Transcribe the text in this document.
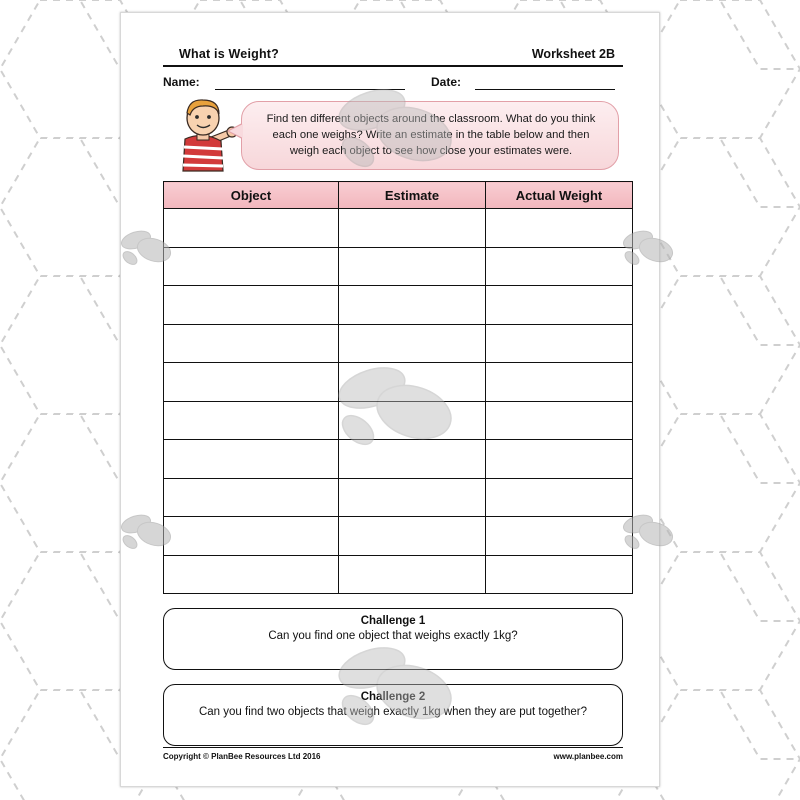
What is Weight?	Worksheet 2B
Name:	Date:
Find ten different objects around the classroom. What do you think each one weighs? Write an estimate in the table below and then weigh each object to see how close your estimates were.
Object	Estimate	Actual Weight

Challenge 1
Can you find one object that weighs exactly 1kg?
Challenge 2
Can you find two objects that weigh exactly 1kg when they are put together?
Copyright © PlanBee Resources Ltd 2016	www.planbee.com
